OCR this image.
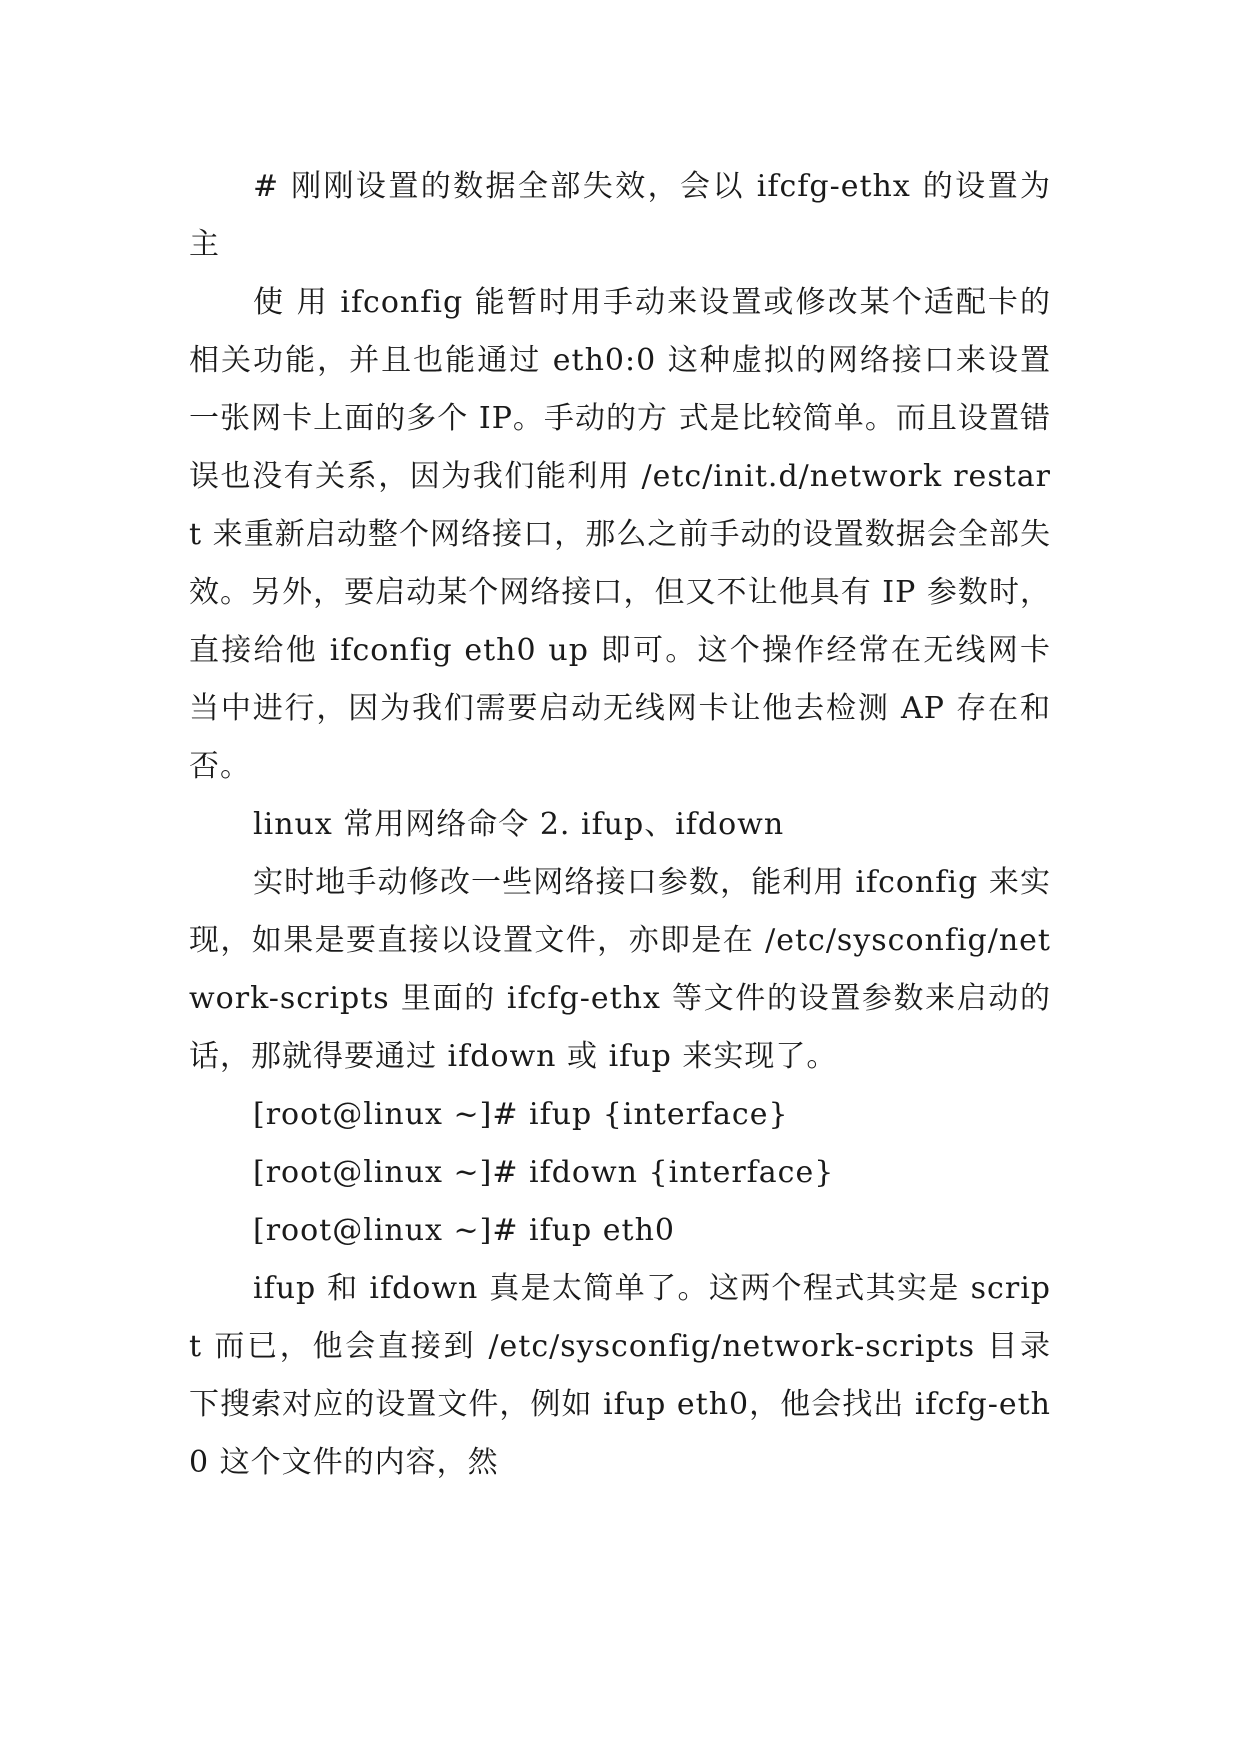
# 刚刚设置的数据全部失效，会以 ifcfg-ethx 的设置为主

使 用 ifconfig 能暂时用手动来设置或修改某个适配卡的相关功能，并且也能通过 eth0:0 这种虚拟的网络接口来设置一张网卡上面的多个 IP。手动的方 式是比较简单。而且设置错误也没有关系，因为我们能利用 /etc/init.d/network restart 来重新启动整个网络接口，那么之前手动的设置数据会全部失效。另外，要启动某个网络接口，但又不让他具有 IP 参数时，直接给他 ifconfig eth0 up 即可。这个操作经常在无线网卡当中进行，因为我们需要启动无线网卡让他去检测 AP 存在和否。

linux 常用网络命令 2. ifup、ifdown

实时地手动修改一些网络接口参数，能利用 ifconfig 来实现，如果是要直接以设置文件，亦即是在 /etc/sysconfig/network-scripts 里面的 ifcfg-ethx 等文件的设置参数来启动的话，那就得要通过 ifdown 或 ifup 来实现了。

[root@linux ~]# ifup {interface}

[root@linux ~]# ifdown {interface}

[root@linux ~]# ifup eth0

ifup 和 ifdown 真是太简单了。这两个程式其实是 script 而已，他会直接到 /etc/sysconfig/network-scripts 目录下搜索对应的设置文件，例如 ifup eth0，他会找出 ifcfg-eth0 这个文件的内容，然
